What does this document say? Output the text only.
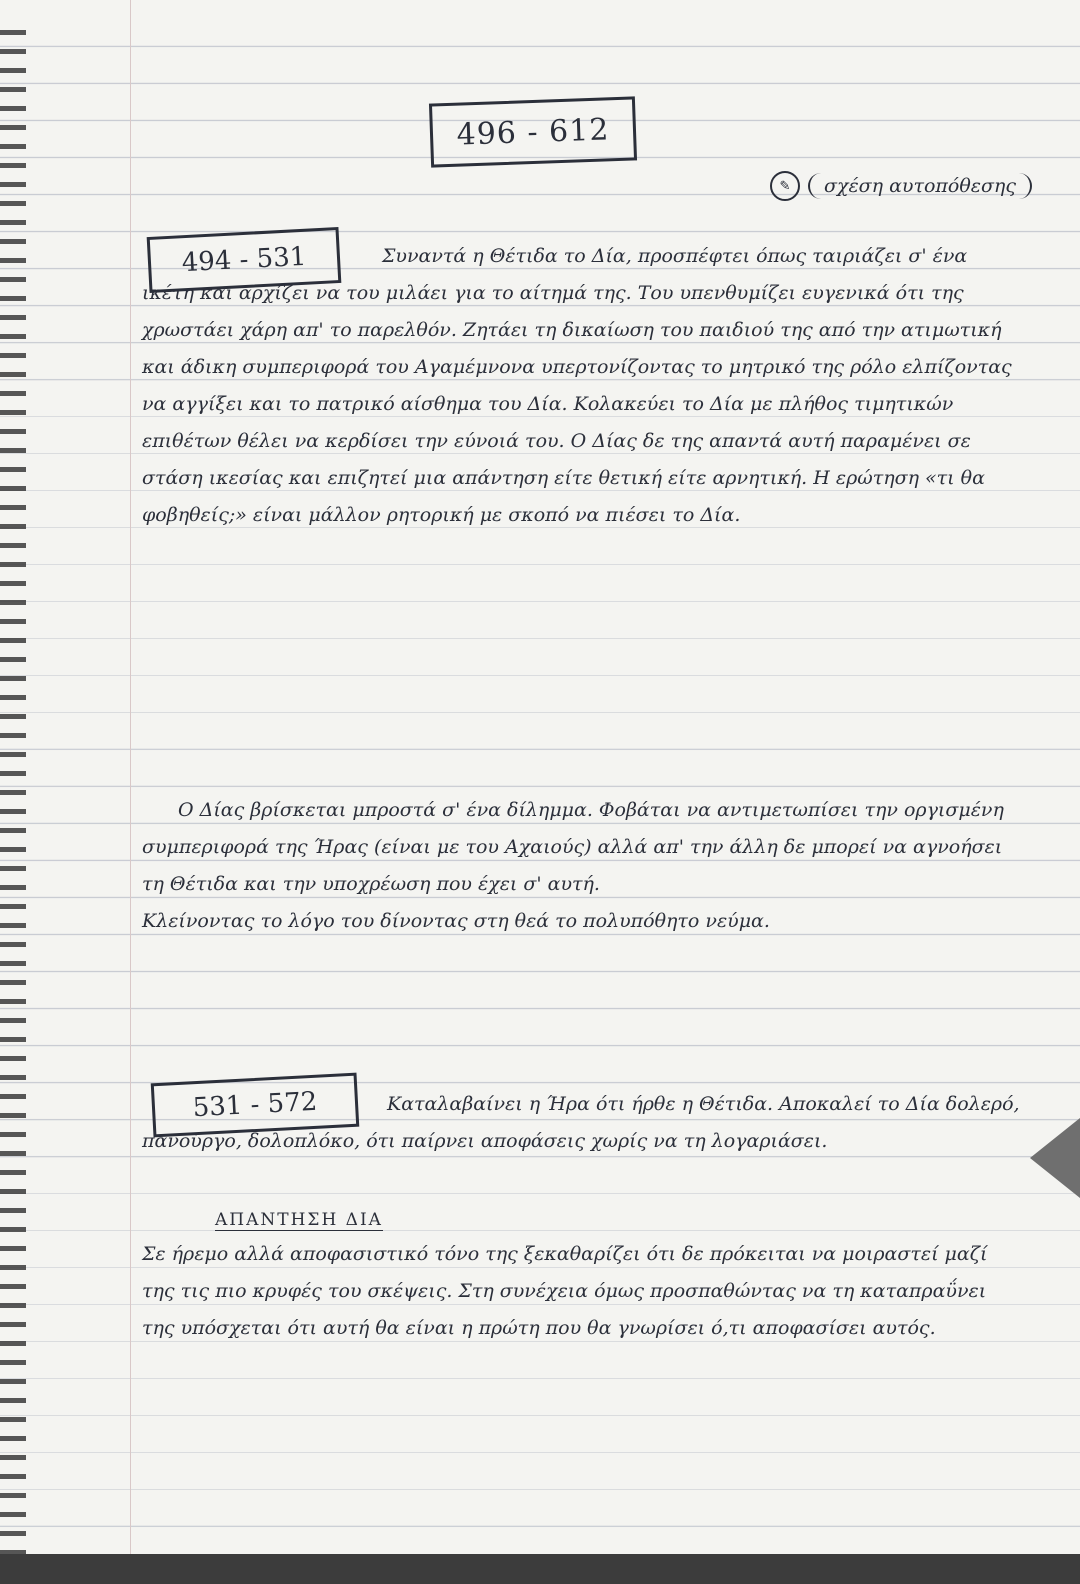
496 - 612
✎	σχέση αυτοπόθεσης
494 - 531	Συναντά η Θέτιδα το Δία, προσπέφτει όπως ταιριάζει σ' ένα ικέτη και αρχίζει να του μιλάει για το αίτημά της. Του υπενθυμίζει ευγενικά ότι της χρωστάει χάρη απ' το παρελθόν. Ζητάει τη δικαίωση του παιδιού της από την ατιμωτική και άδικη συμπεριφορά του Αγαμέμνονα υπερτονίζοντας το μητρικό της ρόλο ελπίζοντας να αγγίξει και το πατρικό αίσθημα του Δία. Κολακεύει το Δία με πλήθος τιμητικών επιθέτων θέλει να κερδίσει την εύνοιά του. Ο Δίας δε της απαντά αυτή παραμένει σε στάση ικεσίας και επιζητεί μια απάντηση είτε θετική είτε αρνητική. Η ερώτηση «τι θα φοβηθείς;» είναι μάλλον ρητορική με σκοπό να πιέσει το Δία.

Ο Δίας βρίσκεται μπροστά σ' ένα δίλημμα. Φοβάται να αντιμετωπίσει την οργισμένη συμπεριφορά της Ήρας (είναι με του Αχαιούς) αλλά απ' την άλλη δε μπορεί να αγνοήσει τη Θέτιδα και την υποχρέωση που έχει σ' αυτή.

Κλείνοντας το λόγο του δίνοντας στη θεά το πολυπόθητο νεύμα.

531 - 572	Καταλαβαίνει η Ήρα ότι ήρθε η Θέτιδα. Αποκαλεί το Δία δολερό, πανούργο, δολοπλόκο, ότι παίρνει αποφάσεις χωρίς να τη λογαριάσει.

ΑΠΑΝΤΗΣΗ ΔΙΑ

Σε ήρεμο αλλά αποφασιστικό τόνο της ξεκαθαρίζει ότι δε πρόκειται να μοιραστεί μαζί της τις πιο κρυφές του σκέψεις. Στη συνέχεια όμως προσπαθώντας να τη καταπραΰνει της υπόσχεται ότι αυτή θα είναι η πρώτη που θα γνωρίσει ό,τι αποφασίσει αυτός.
